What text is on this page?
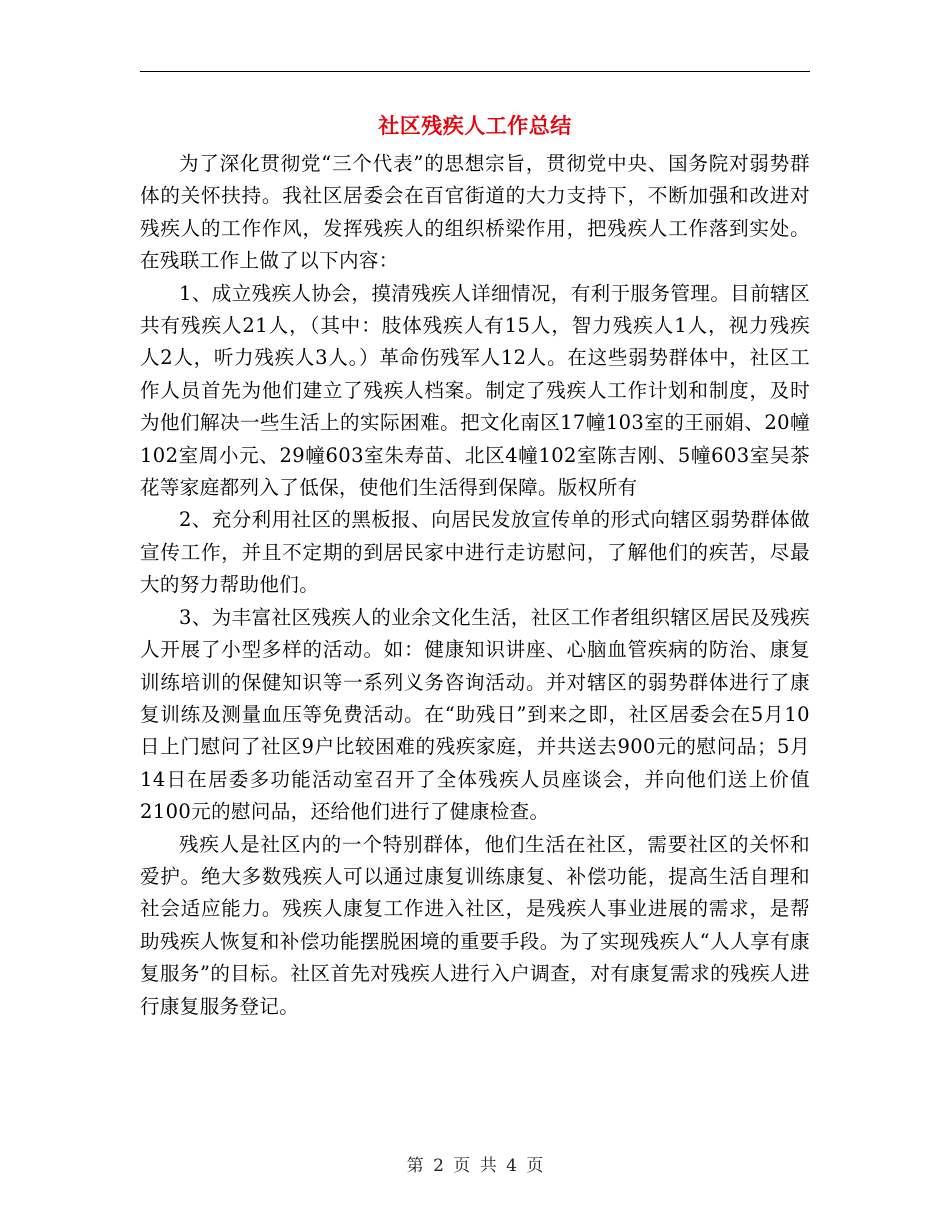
社区残疾人工作总结

为了深化贯彻党“三个代表”的思想宗旨，贯彻党中央、国务院对弱势群体的关怀扶持。我社区居委会在百官街道的大力支持下，不断加强和改进对残疾人的工作作风，发挥残疾人的组织桥梁作用，把残疾人工作落到实处。在残联工作上做了以下内容：

1、成立残疾人协会，摸清残疾人详细情况，有利于服务管理。目前辖区共有残疾人21人，（其中：肢体残疾人有15人，智力残疾人1人，视力残疾人2人，听力残疾人3人。）革命伤残军人12人。在这些弱势群体中，社区工作人员首先为他们建立了残疾人档案。制定了残疾人工作计划和制度，及时为他们解决一些生活上的实际困难。把文化南区17幢103室的王丽娟、20幢102室周小元、29幢603室朱寿苗、北区4幢102室陈吉刚、5幢603室吴茶花等家庭都列入了低保，使他们生活得到保障。版权所有

2、充分利用社区的黑板报、向居民发放宣传单的形式向辖区弱势群体做宣传工作，并且不定期的到居民家中进行走访慰问，了解他们的疾苦，尽最大的努力帮助他们。

3、为丰富社区残疾人的业余文化生活，社区工作者组织辖区居民及残疾人开展了小型多样的活动。如：健康知识讲座、心脑血管疾病的防治、康复训练培训的保健知识等一系列义务咨询活动。并对辖区的弱势群体进行了康复训练及测量血压等免费活动。在“助残日”到来之即，社区居委会在5月10日上门慰问了社区9户比较困难的残疾家庭，并共送去900元的慰问品；5月14日在居委多功能活动室召开了全体残疾人员座谈会，并向他们送上价值2100元的慰问品，还给他们进行了健康检查。

残疾人是社区内的一个特别群体，他们生活在社区，需要社区的关怀和爱护。绝大多数残疾人可以通过康复训练康复、补偿功能，提高生活自理和社会适应能力。残疾人康复工作进入社区，是残疾人事业进展的需求，是帮助残疾人恢复和补偿功能摆脱困境的重要手段。为了实现残疾人“人人享有康复服务”的目标。社区首先对残疾人进行入户调查，对有康复需求的残疾人进行康复服务登记。

第 2 页 共 4 页
